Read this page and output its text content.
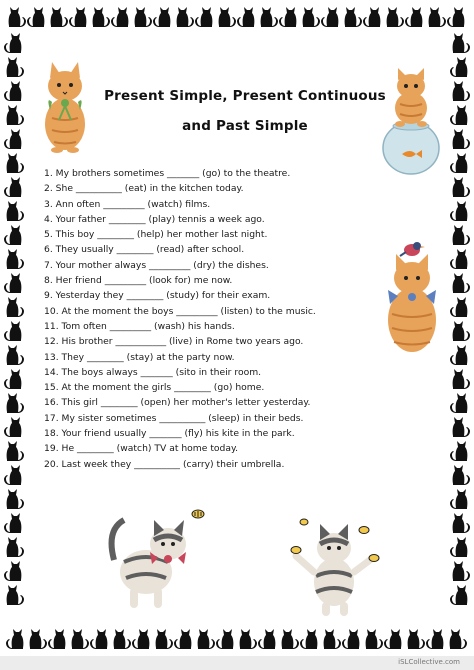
Present Simple, Present Continuous
and Past Simple
1. My brothers sometimes _______ (go) to the theatre.
2. She __________ (eat) in the kitchen today.
3. Ann often _________ (watch) films.
4. Your father ________ (play) tennis a week ago.
5. This boy ________ (help) her mother last night.
6. They usually ________ (read) after school.
7. Your mother always _________ (dry) the dishes.
8. Her friend _________ (look for) me now.
9. Yesterday they ________ (study) for their exam.
10. At the moment the boys _________ (listen) to the music.
11. Tom often _________ (wash) his hands.
12. His brother ___________ (live) in Rome two years ago.
13. They ________ (stay) at the party now.
14. The boys always _______ (sito in their room.
15. At the moment the girls ________ (go) home.
16. This girl ________ (open) her mother's letter yesterday.
17. My sister sometimes __________ (sleep) in their beds.
18. Your friend usually _______ (fly) his kite in the park.
19. He ________ (watch) TV at home today.
20. Last week they __________ (carry) their umbrella.
iSLCollective.com
